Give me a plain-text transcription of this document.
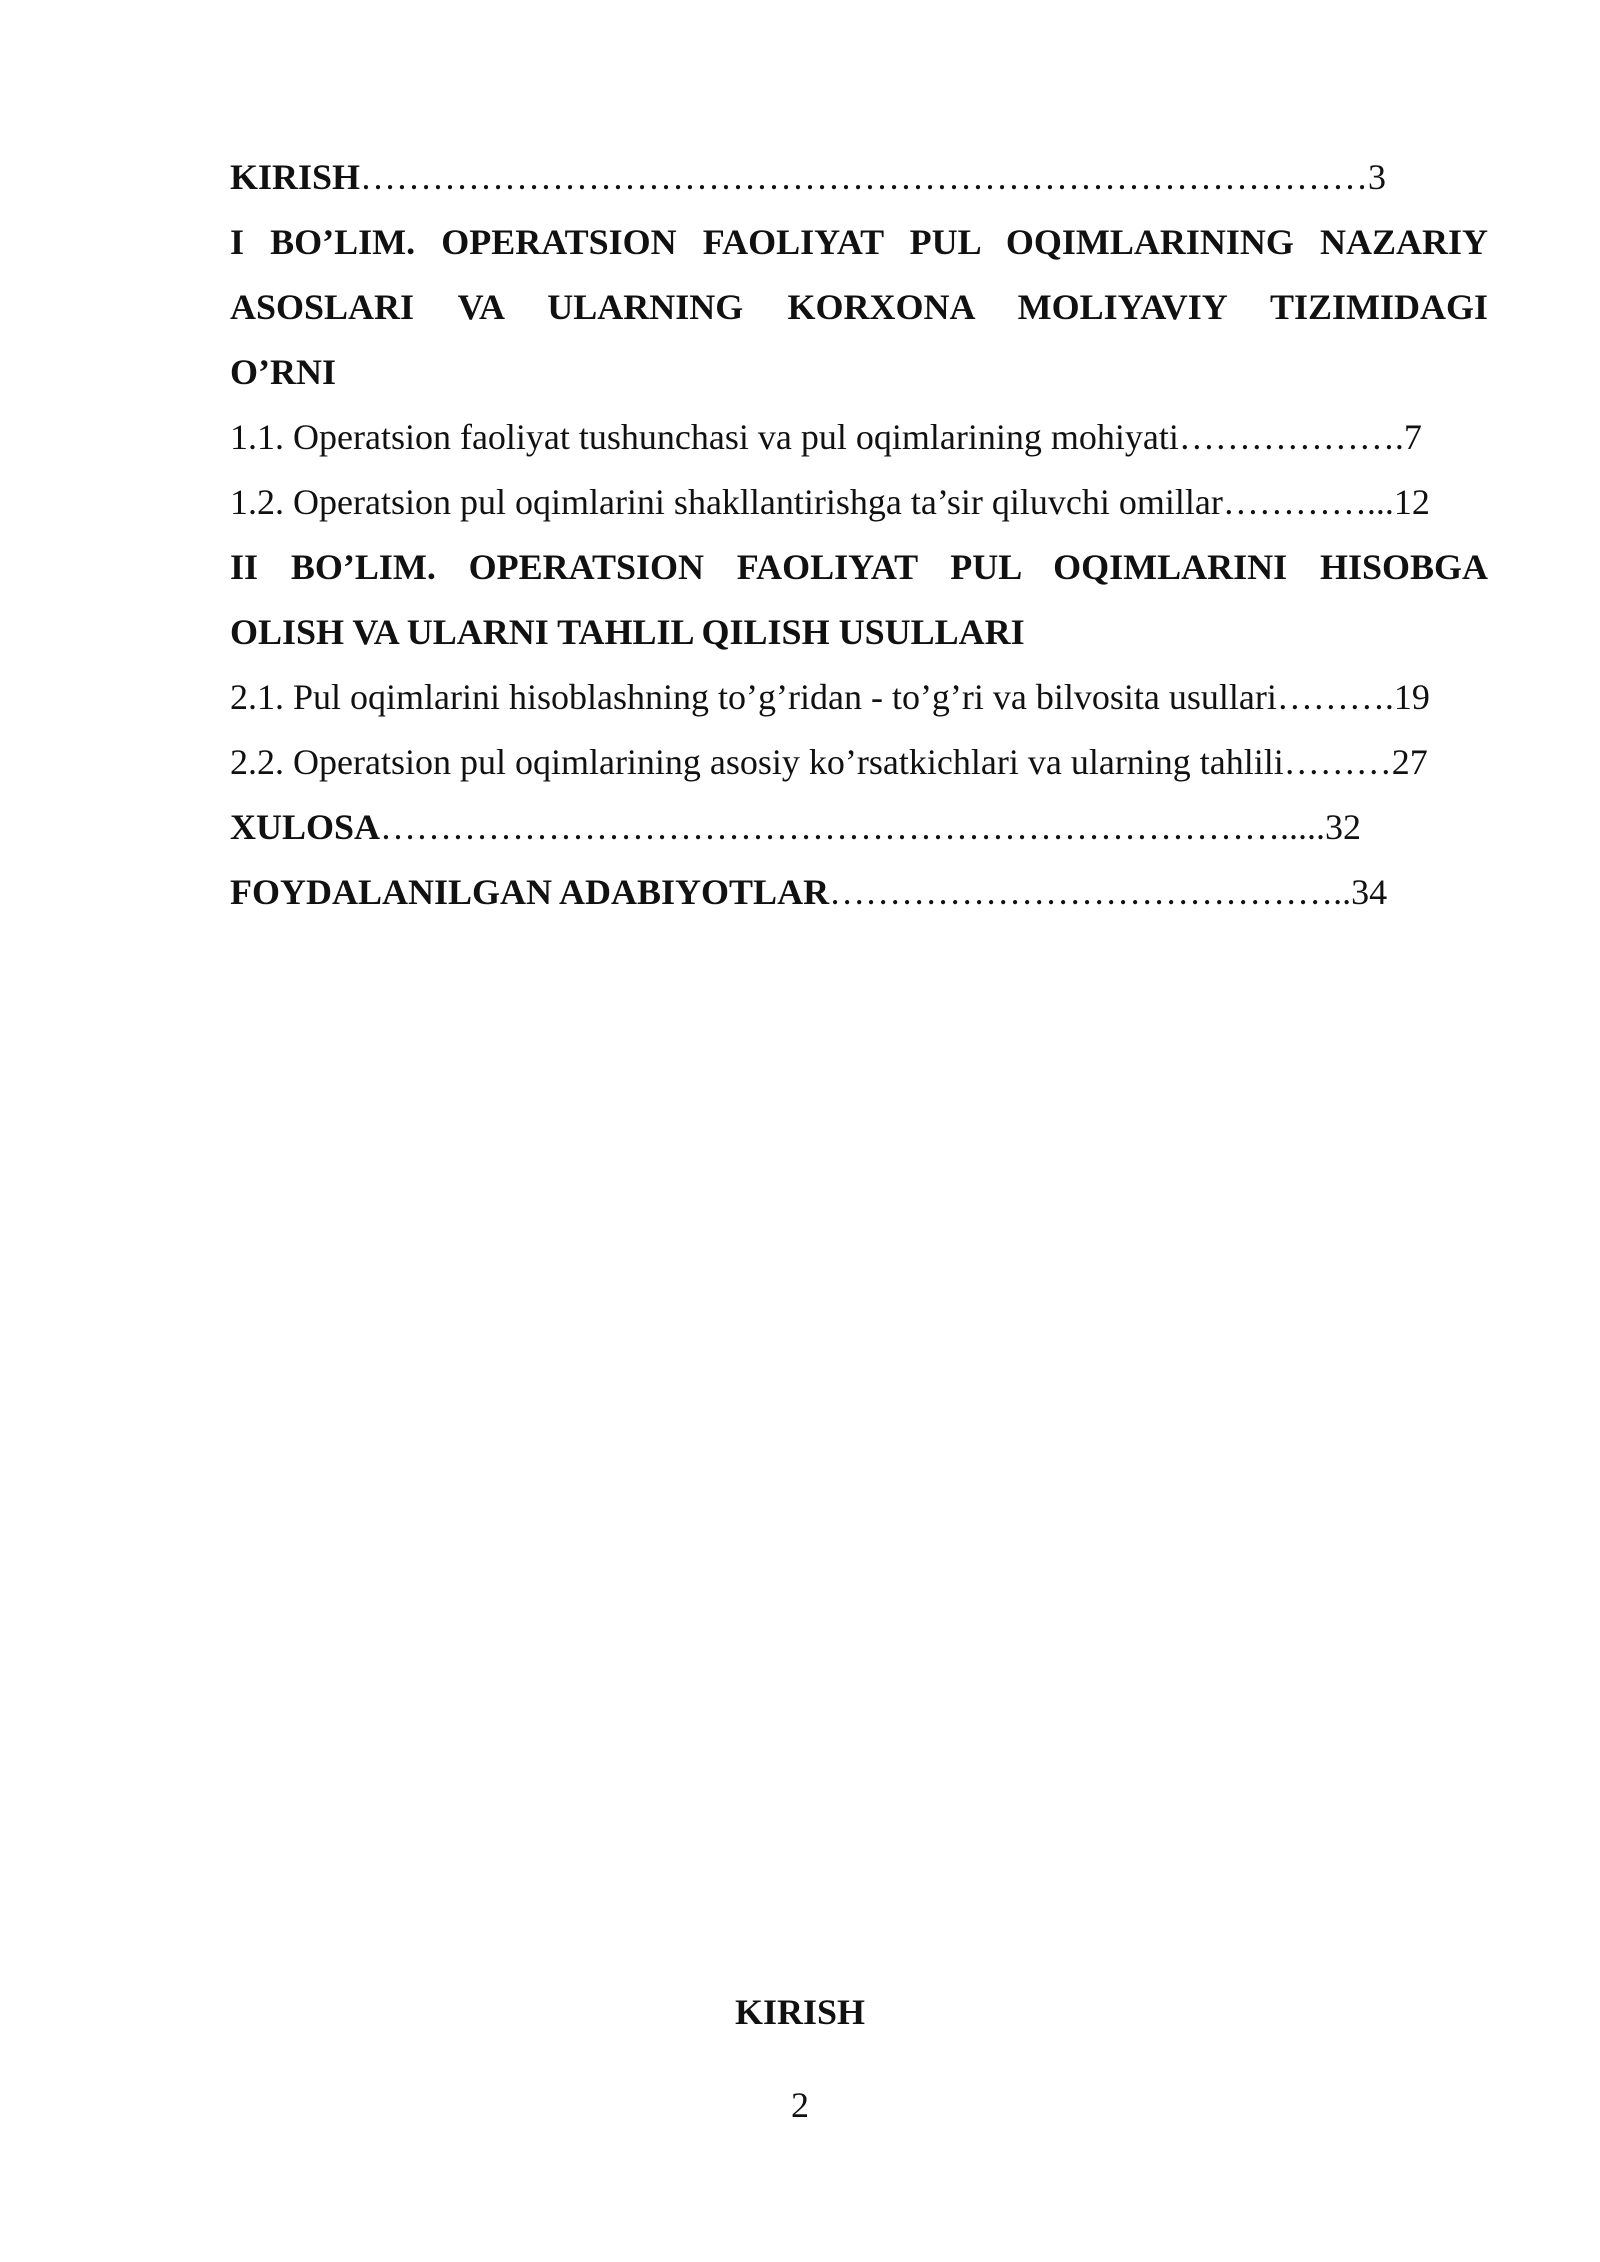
KIRISH…………………………………………………………………………3
I BO’LIM. OPERATSION FAOLIYAT PUL OQIMLARINING NAZARIY
ASOSLARI VA ULARNING KORXONA MOLIYAVIY TIZIMIDAGI
O’RNI
1.1. Operatsion faoliyat tushunchasi va pul oqimlarining mohiyati……………….7
1.2. Operatsion pul oqimlarini shakllantirishga ta’sir qiluvchi omillar…………...12
II BO’LIM. OPERATSION FAOLIYAT PUL OQIMLARINI HISOBGA
OLISH VA ULARNI TAHLIL QILISH USULLARI
2.1. Pul oqimlarini hisoblashning to’g’ridan - to’g’ri va bilvosita usullari……….19
2.2. Operatsion pul oqimlarining asosiy ko’rsatkichlari va ularning tahlili………27
XULOSA………………………………………………………………….....32
FOYDALANILGAN ADABIYOTLAR……………………………………..34
KIRISH
2
